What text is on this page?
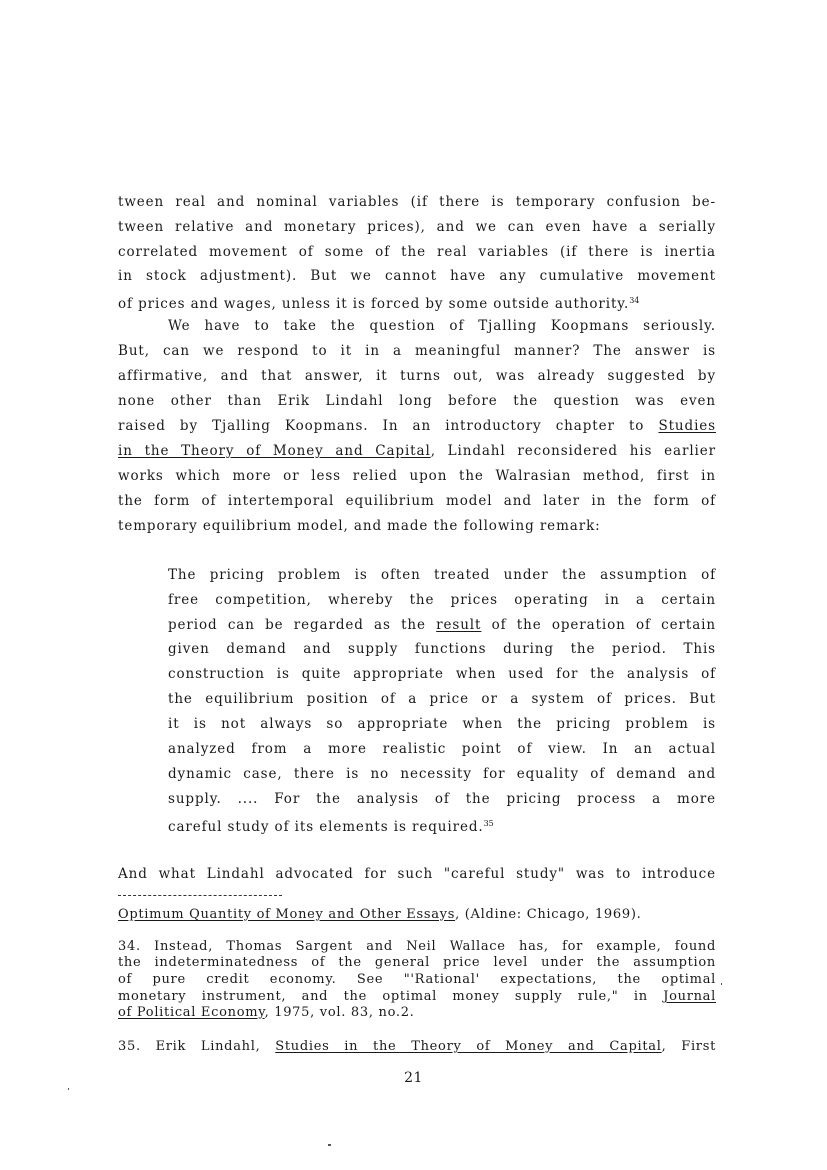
tween real and nominal variables (if there is temporary confusion be-
tween relative and monetary prices), and we can even have a serially
correlated movement of some of the real variables (if there is inertia
in stock adjustment). But we cannot have any cumulative movement
of prices and wages, unless it is forced by some outside authority.$^{34}$
We have to take the question of Tjalling Koopmans seriously.
But, can we respond to it in a meaningful manner? The answer is
affirmative, and that answer, it turns out, was already suggested by
none other than Erik Lindahl long before the question was even
raised by Tjalling Koopmans. In an introductory chapter to Studies
in the Theory of Money and Capital, Lindahl reconsidered his earlier
works which more or less relied upon the Walrasian method, first in
the form of intertemporal equilibrium model and later in the form of
temporary equilibrium model, and made the following remark:
The pricing problem is often treated under the assumption of
free competition, whereby the prices operating in a certain
period can be regarded as the result of the operation of certain
given demand and supply functions during the period. This
construction is quite appropriate when used for the analysis of
the equilibrium position of a price or a system of prices. But
it is not always so appropriate when the pricing problem is
analyzed from a more realistic point of view. In an actual
dynamic case, there is no necessity for equality of demand and
supply. .... For the analysis of the pricing process a more
careful study of its elements is required.$^{35}$
And what Lindahl advocated for such "careful study" was to introduce
Optimum Quantity of Money and Other Essays, (Aldine: Chicago, 1969).
34. Instead, Thomas Sargent and Neil Wallace has, for example, found
the indeterminatedness of the general price level under the assumption
of pure credit economy. See "'Rational' expectations, the optimal
monetary instrument, and the optimal money supply rule," in Journal
of Political Economy, 1975, vol. 83, no.2.
35. Erik Lindahl, Studies in the Theory of Money and Capital, First
21
